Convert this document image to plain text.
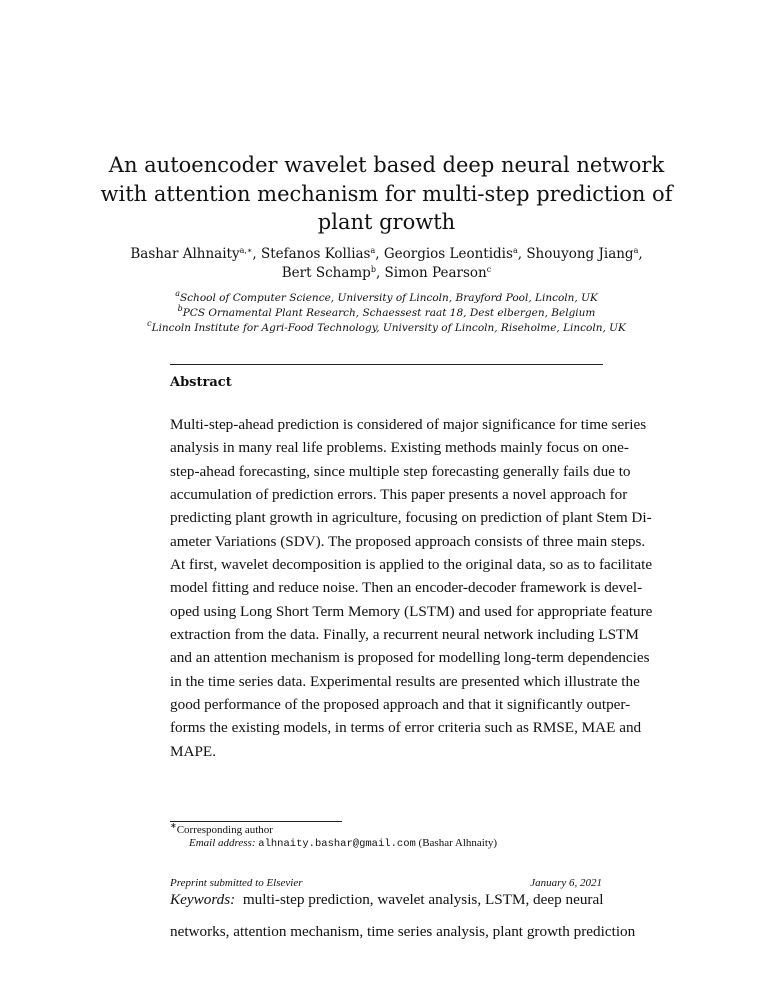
An autoencoder wavelet based deep neural network
with attention mechanism for multi-step prediction of
plant growth
Bashar Alhnaity$^{a,∗}$, Stefanos Kollias$^a$, Georgios Leontidis$^a$, Shouyong Jiang$^a$,
Bert Schamp$^b$, Simon Pearson$^c$
$^a$School of Computer Science, University of Lincoln, Brayford Pool, Lincoln, UK
$^b$PCS Ornamental Plant Research, Schaessest raat 18, Dest elbergen, Belgium
$^c$Lincoln Institute for Agri-Food Technology, University of Lincoln, Riseholme, Lincoln, UK
Abstract
Multi-step-ahead prediction is considered of major significance for time series
analysis in many real life problems. Existing methods mainly focus on one-
step-ahead forecasting, since multiple step forecasting generally fails due to
accumulation of prediction errors. This paper presents a novel approach for
predicting plant growth in agriculture, focusing on prediction of plant Stem Di-
ameter Variations (SDV). The proposed approach consists of three main steps.
At first, wavelet decomposition is applied to the original data, so as to facilitate
model fitting and reduce noise. Then an encoder-decoder framework is devel-
oped using Long Short Term Memory (LSTM) and used for appropriate feature
extraction from the data. Finally, a recurrent neural network including LSTM
and an attention mechanism is proposed for modelling long-term dependencies
in the time series data. Experimental results are presented which illustrate the
good performance of the proposed approach and that it significantly outper-
forms the existing models, in terms of error criteria such as RMSE, MAE and
MAPE.
Keywords: multi-step prediction, wavelet analysis, LSTM, deep neural
networks, attention mechanism, time series analysis, plant growth prediction
∗Corresponding author
Email address: alhnaity.bashar@gmail.com (Bashar Alhnaity)
Preprint submitted to Elsevier	January 6, 2021
